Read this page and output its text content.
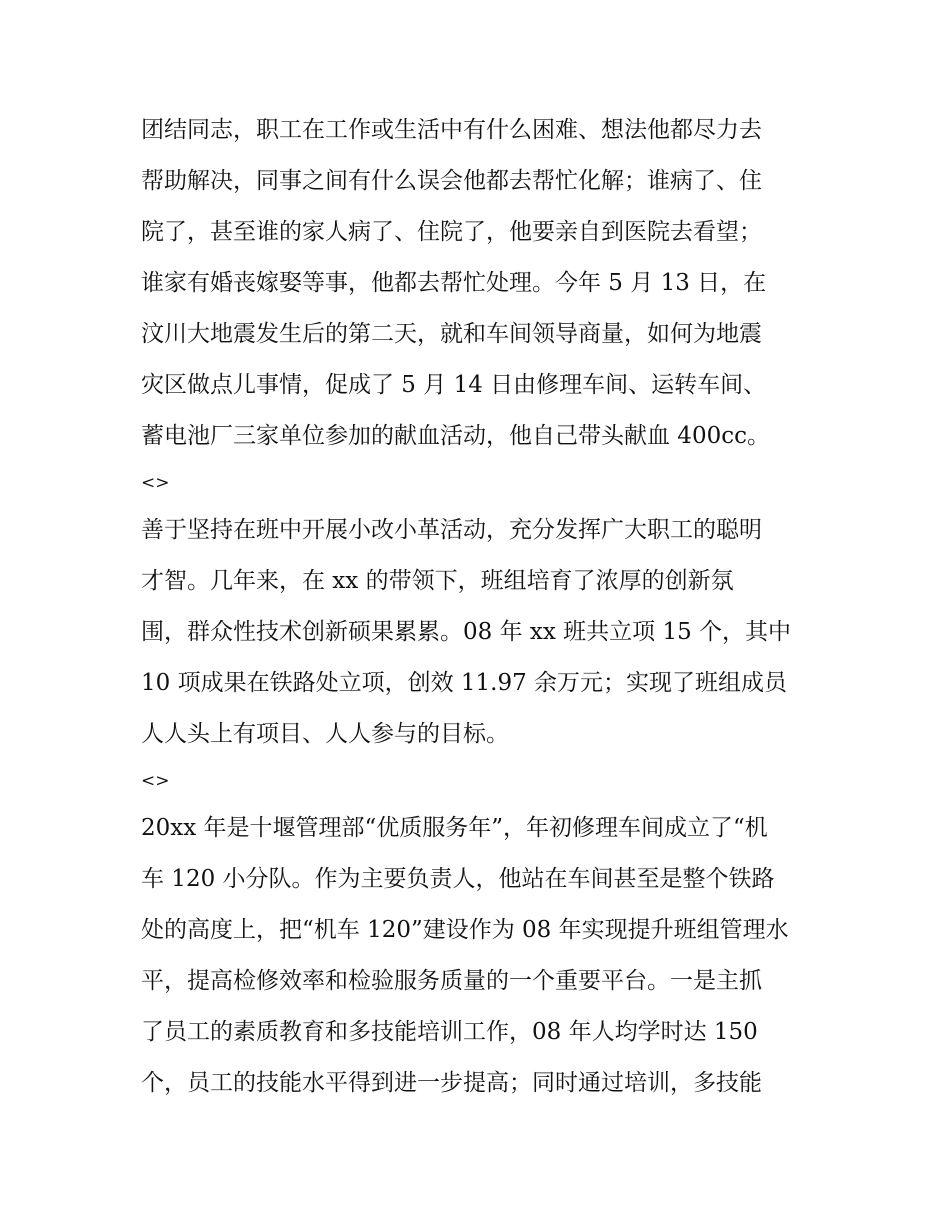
团结同志，职工在工作或生活中有什么困难、想法他都尽力去
帮助解决，同事之间有什么误会他都去帮忙化解；谁病了、住
院了，甚至谁的家人病了、住院了，他要亲自到医院去看望；
谁家有婚丧嫁娶等事，他都去帮忙处理。今年 5 月 13 日，在
汶川大地震发生后的第二天，就和车间领导商量，如何为地震
灾区做点儿事情，促成了 5 月 14 日由修理车间、运转车间、
蓄电池厂三家单位参加的献血活动，他自己带头献血 400cc。
<>
善于坚持在班中开展小改小革活动，充分发挥广大职工的聪明
才智。几年来，在 xx 的带领下，班组培育了浓厚的创新氛
围，群众性技术创新硕果累累。08 年 xx 班共立项 15 个，其中
10 项成果在铁路处立项，创效 11.97 余万元；实现了班组成员
人人头上有项目、人人参与的目标。
<>
20xx 年是十堰管理部“优质服务年”，年初修理车间成立了“机
车 120 小分队。作为主要负责人，他站在车间甚至是整个铁路
处的高度上，把“机车 120”建设作为 08 年实现提升班组管理水
平，提高检修效率和检验服务质量的一个重要平台。一是主抓
了员工的素质教育和多技能培训工作，08 年人均学时达 150
个，员工的技能水平得到进一步提高；同时通过培训，多技能
